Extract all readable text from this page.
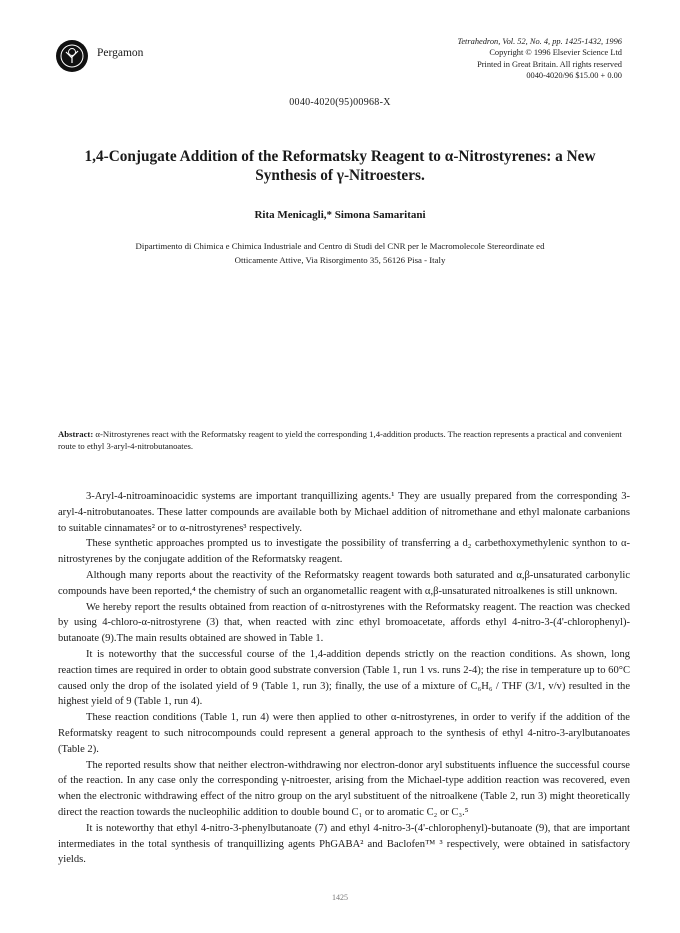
Pergamon
Tetrahedron, Vol. 52, No. 4, pp. 1425-1432, 1996
Copyright © 1996 Elsevier Science Ltd
Printed in Great Britain. All rights reserved
0040-4020/96 $15.00 + 0.00
0040-4020(95)00968-X
1,4-Conjugate Addition of the Reformatsky Reagent to α-Nitrostyrenes: a New
Synthesis of γ-Nitroesters.
Rita Menicagli,* Simona Samaritani
Dipartimento di Chimica e Chimica Industriale and Centro di Studi del CNR per le Macromolecole Stereordinate ed
Otticamente Attive, Via Risorgimento 35, 56126 Pisa - Italy
Abstract: α-Nitrostyrenes react with the Reformatsky reagent to yield the corresponding 1,4-addition products. The reaction represents a practical and convenient route to ethyl 3-aryl-4-nitrobutanoates.

3-Aryl-4-nitroaminoacidic systems are important tranquillizing agents.¹ They are usually prepared from the corresponding 3-aryl-4-nitrobutanoates. These latter compounds are available both by Michael addition of nitromethane and ethyl malonate carbanions to suitable cinnamates² or to α-nitrostyrenes³ respectively.

These synthetic approaches prompted us to investigate the possibility of transferring a d₂ carbethoxymethylenic synthon to α-nitrostyrenes by the conjugate addition of the Reformatsky reagent.

Although many reports about the reactivity of the Reformatsky reagent towards both saturated and α,β-unsaturated carbonylic compounds have been reported,⁴ the chemistry of such an organometallic reagent with α,β-unsaturated nitroalkenes is still unknown.

We hereby report the results obtained from reaction of α-nitrostyrenes with the Reformatsky reagent. The reaction was checked by using 4-chloro-α-nitrostyrene (3) that, when reacted with zinc ethyl bromoacetate, affords ethyl 4-nitro-3-(4'-chlorophenyl)-butanoate (9).The main results obtained are showed in Table 1.

It is noteworthy that the successful course of the 1,4-addition depends strictly on the reaction conditions. As shown, long reaction times are required in order to obtain good substrate conversion (Table 1, run 1 vs. runs 2-4); the rise in temperature up to 60°C caused only the drop of the isolated yield of 9 (Table 1, run 3); finally, the use of a mixture of C₆H₆ / THF (3/1, v/v) resulted in the highest yield of 9 (Table 1, run 4).

These reaction conditions (Table 1, run 4) were then applied to other α-nitrostyrenes, in order to verify if the addition of the Reformatsky reagent to such nitrocompounds could represent a general approach to the synthesis of ethyl 4-nitro-3-arylbutanoates (Table 2).

The reported results show that neither electron-withdrawing nor electron-donor aryl substituents influence the successful course of the reaction. In any case only the corresponding γ-nitroester, arising from the Michael-type addition reaction was recovered, even when the electronic withdrawing effect of the nitro group on the aryl substituent of the nitroalkene (Table 2, run 3) might theoretically direct the reaction towards the nucleophilic addition to double bound C₁ or to aromatic C₂ or C₃.⁵

It is noteworthy that ethyl 4-nitro-3-phenylbutanoate (7) and ethyl 4-nitro-3-(4'-chlorophenyl)-butanoate (9), that are important intermediates in the total synthesis of tranquillizing agents PhGABA² and Baclofen™ ³ respectively, were obtained in satisfactory yields.

1425
